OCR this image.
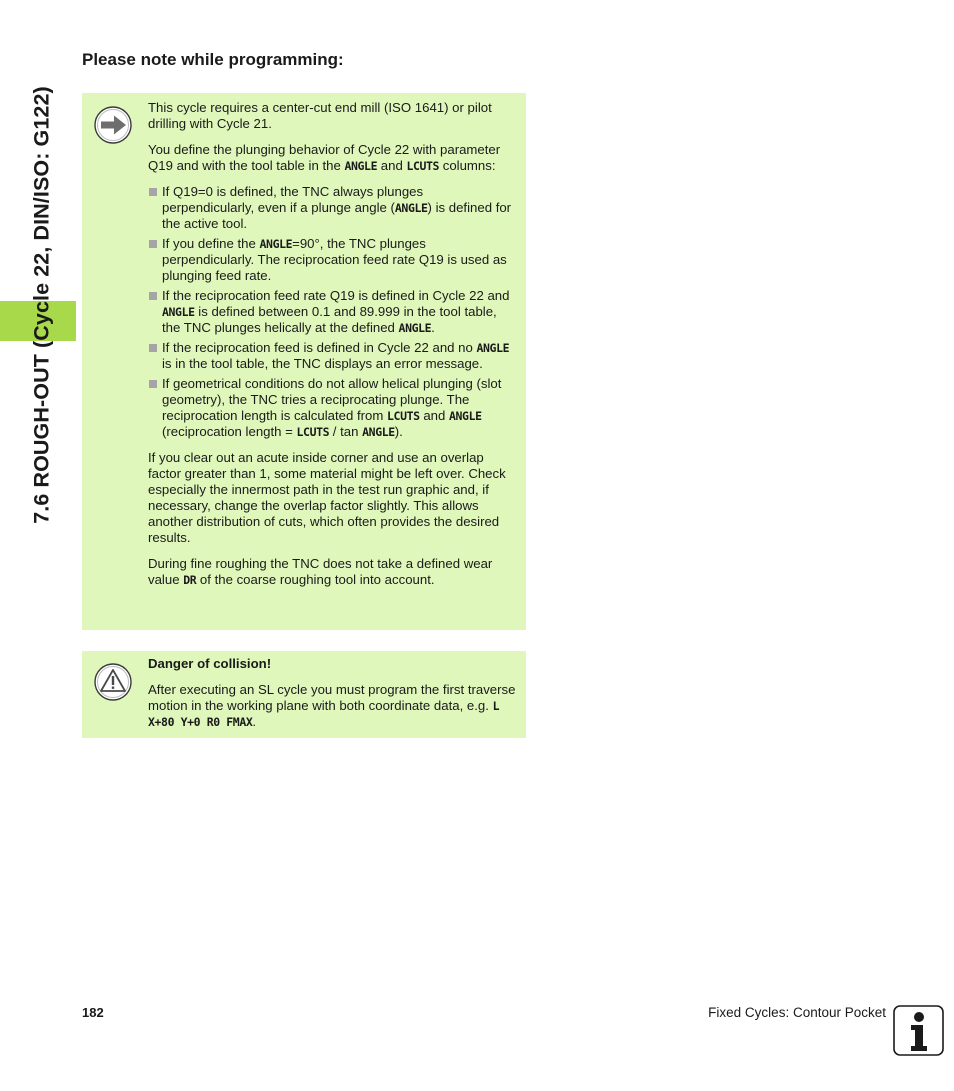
7.6 ROUGH-OUT (Cycle 22, DIN/ISO: G122)
Please note while programming:

This cycle requires a center-cut end mill (ISO 1641) or pilot drilling with Cycle 21.

You define the plunging behavior of Cycle 22 with parameter Q19 and with the tool table in the ANGLE and LCUTS columns:

If Q19=0 is defined, the TNC always plunges perpendicularly, even if a plunge angle (ANGLE) is defined for the active tool.
If you define the ANGLE=90°, the TNC plunges perpendicularly. The reciprocation feed rate Q19 is used as plunging feed rate.
If the reciprocation feed rate Q19 is defined in Cycle 22 and ANGLE is defined between 0.1 and 89.999 in the tool table, the TNC plunges helically at the defined ANGLE.
If the reciprocation feed is defined in Cycle 22 and no ANGLE is in the tool table, the TNC displays an error message.
If geometrical conditions do not allow helical plunging (slot geometry), the TNC tries a reciprocating plunge. The reciprocation length is calculated from LCUTS and ANGLE (reciprocation length = LCUTS / tan ANGLE).

If you clear out an acute inside corner and use an overlap factor greater than 1, some material might be left over. Check especially the innermost path in the test run graphic and, if necessary, change the overlap factor slightly. This allows another distribution of cuts, which often provides the desired results.

During fine roughing the TNC does not take a defined wear value DR of the coarse roughing tool into account.

Danger of collision!

After executing an SL cycle you must program the first traverse motion in the working plane with both coordinate data, e.g. L X+80 Y+0 R0 FMAX.

182	Fixed Cycles: Contour Pocket
